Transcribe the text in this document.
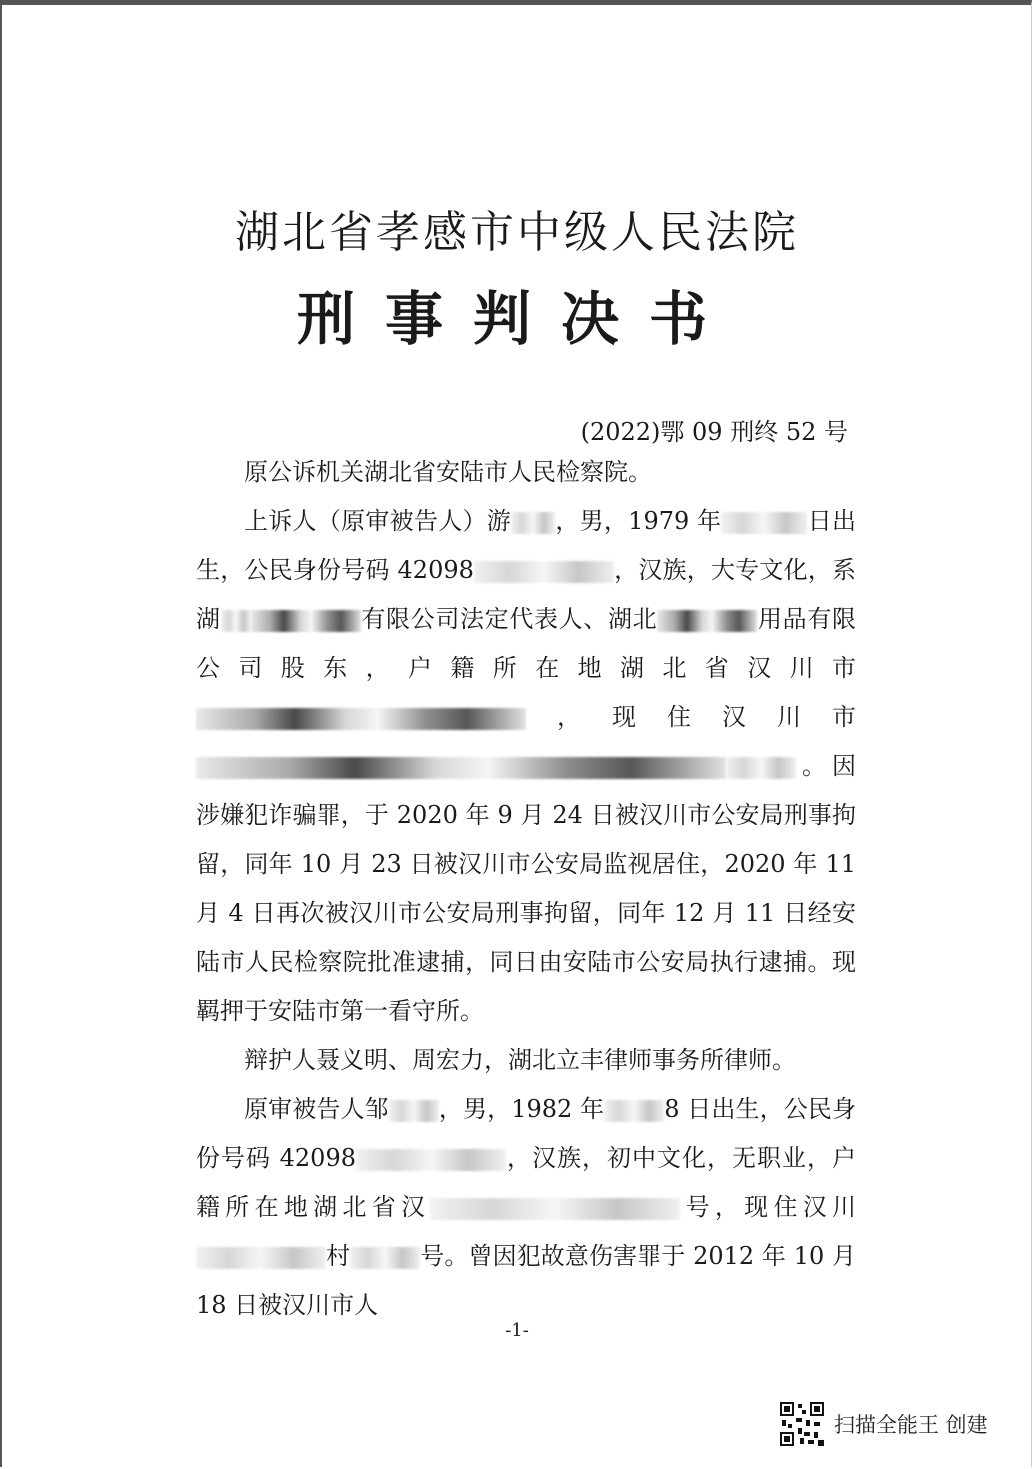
湖北省孝感市中级人民法院
刑事判决书
(2022)鄂 09 刑终 52 号

原公诉机关湖北省安陆市人民检察院。

上诉人（原审被告人）游 ，男，1979 年	日出生，公民身份号码 42098	，汉族，大专文化，系湖	有限公司法定代表人、湖北	用品有限公司股东，户籍所在地湖北省汉川市，现住汉川市。因涉嫌犯诈骗罪，于 2020 年 9 月 24 日被汉川市公安局刑事拘留，同年 10 月 23 日被汉川市公安局监视居住，2020 年 11 月 4 日再次被汉川市公安局刑事拘留，同年 12 月 11 日经安陆市人民检察院批准逮捕，同日由安陆市公安局执行逮捕。现羁押于安陆市第一看守所。

辩护人聂义明、周宏力，湖北立丰律师事务所律师。

原审被告人邹 ，男，1982 年	8 日出生，公民身份号码 42098	，汉族，初中文化，无职业，户籍所在地湖北省汉	号，现住汉川村	号。曾因犯故意伤害罪于 2012 年 10 月 18 日被汉川市人

-1-
扫描全能王 创建
